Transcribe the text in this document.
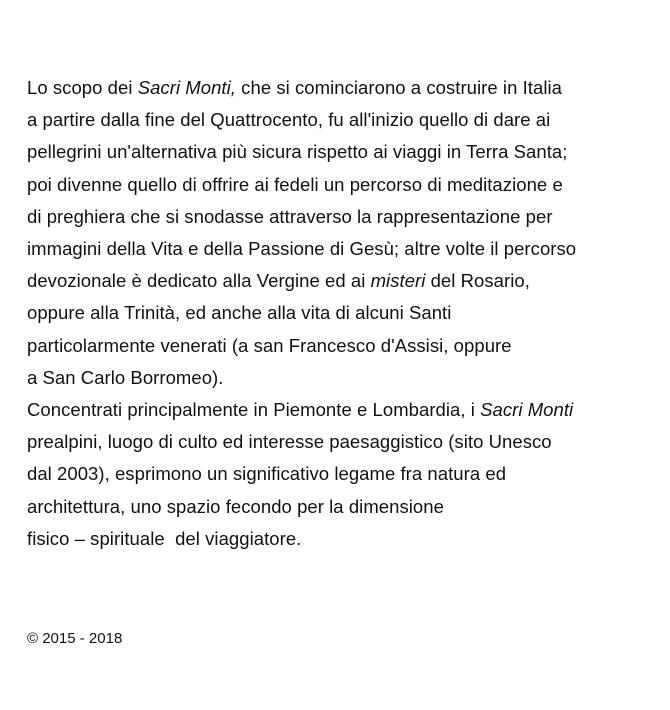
Lo scopo dei Sacri Monti, che si cominciarono a costruire in Italia
a partire dalla fine del Quattrocento, fu all'inizio quello di dare ai
pellegrini un'alternativa più sicura rispetto ai viaggi in Terra Santa;
poi divenne quello di offrire ai fedeli un percorso di meditazione e
di preghiera che si snodasse attraverso la rappresentazione per
immagini della Vita e della Passione di Gesù; altre volte il percorso
devozionale è dedicato alla Vergine ed ai misteri del Rosario,
oppure alla Trinità, ed anche alla vita di alcuni Santi
particolarmente venerati (a san Francesco d'Assisi, oppure
a San Carlo Borromeo).
Concentrati principalmente in Piemonte e Lombardia, i Sacri Monti
prealpini, luogo di culto ed interesse paesaggistico (sito Unesco
dal 2003), esprimono un significativo legame fra natura ed
architettura, uno spazio fecondo per la dimensione
fisico – spirituale  del viaggiatore.
© 2015 - 2018
